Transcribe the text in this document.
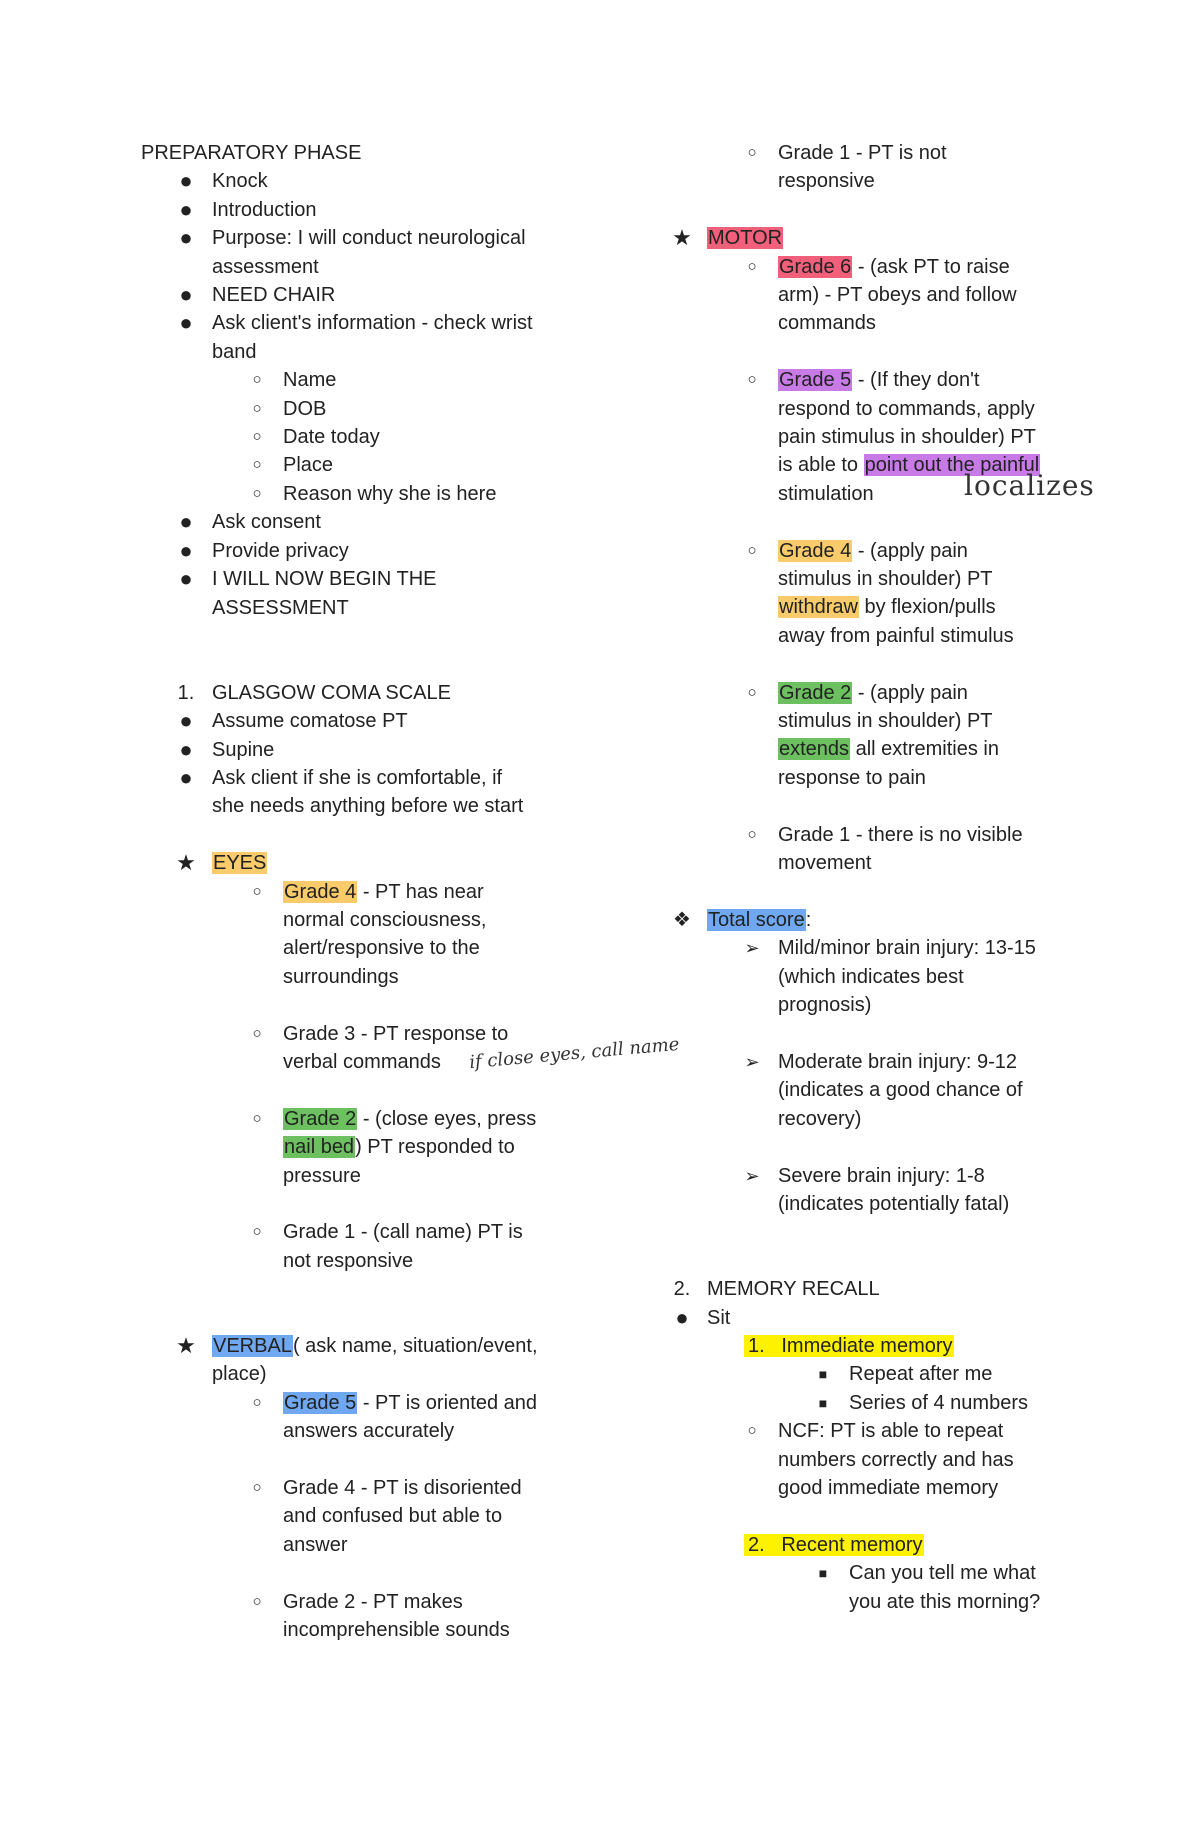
PREPARATORY PHASE
● Knock
● Introduction
● Purpose: I will conduct neurological
assessment
● NEED CHAIR
● Ask client's information - check wrist
band
○	Name
○	DOB
○	Date today
○	Place
○	Reason why she is here
● Ask consent
● Provide privacy
● I WILL NOW BEGIN THE
ASSESSMENT
1. GLASGOW COMA SCALE
● Assume comatose PT
● Supine
● Ask client if she is comfortable, if
she needs anything before we start
★ EYES
○	Grade 4 - PT has near
normal consciousness,
alert/responsive to the
surroundings
○	Grade 3 - PT response to
verbal commands if close eyes, call name
○	Grade 2 - (close eyes, press
nail bed) PT responded to
pressure
○	Grade 1 - (call name) PT is
not responsive
★ VERBAL( ask name, situation/event,
place)
○	Grade 5 - PT is oriented and
answers accurately
○	Grade 4 - PT is disoriented
and confused but able to
answer
○	Grade 2 - PT makes
incomprehensible sounds
○	Grade 1 - PT is not
responsive
★ MOTOR
○	Grade 6 - (ask PT to raise
arm) - PT obeys and follow
commands
○	Grade 5 - (If they don't
respond to commands, apply
pain stimulus in shoulder) PT
is able to point out the painful
stimulation	localizes
○	Grade 4 - (apply pain
stimulus in shoulder) PT
withdraw by flexion/pulls
away from painful stimulus
○	Grade 2 - (apply pain
stimulus in shoulder) PT
extends all extremities in
response to pain
○	Grade 1 - there is no visible
movement
❖ Total score:
➢ Mild/minor brain injury: 13-15
(which indicates best
prognosis)
➢ Moderate brain injury: 9-12
(indicates a good chance of
recovery)
➢ Severe brain injury: 1-8
(indicates potentially fatal)
2. MEMORY RECALL
● Sit
1. Immediate memory
■	Repeat after me
■	Series of 4 numbers
○	NCF: PT is able to repeat
numbers correctly and has
good immediate memory
2. Recent memory
■	Can you tell me what
you ate this morning?
